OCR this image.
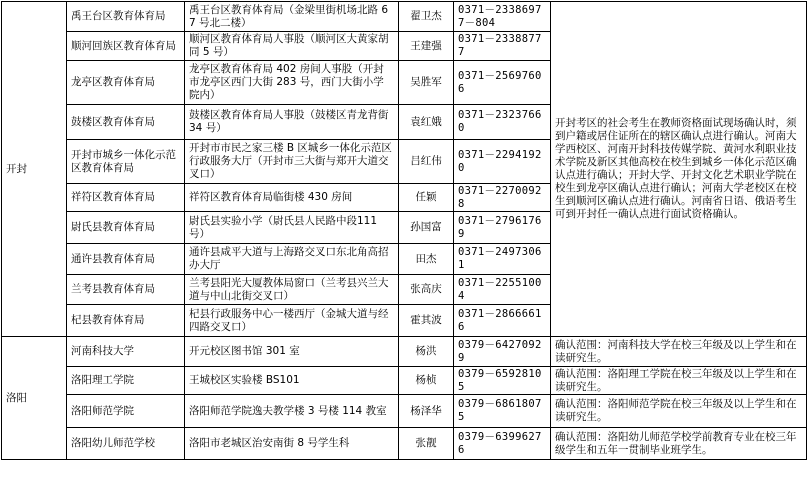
开封	禹王台区教育体育局	禹王台区教育体育局（金梁里街机场北路 67 号北二楼）	翟卫杰	0371－23386977－804	开封考区的社会考生在教师资格面试现场确认时，须到户籍或居住证所在的辖区确认点进行确认。河南大学西校区、河南开封科技传媒学院、黄河水利职业技术学院及新区其他高校在校生到城乡一体化示范区确认点进行确认；开封大学、开封文化艺术职业学院在校生到龙亭区确认点进行确认；河南大学老校区在校生到顺河区确认点进行确认。河南省日语、俄语考生可到开封任一确认点进行面试资格确认。
	顺河回族区教育体育局	顺河区教育体育局人事股（顺河区大黄家胡同 5 号）	王建强	0371－23388777	
	龙亭区教育体育局	龙亭区教育体育局 402 房间人事股（开封市龙亭区西门大街 283 号，西门大街小学院内）	吴胜军	0371－25697606	
	鼓楼区教育体育局	鼓楼区教育体育局人事股（鼓楼区青龙背街 34 号）	袁红娥	0371－23237660	
	开封市城乡一体化示范区教育体育局	开封市市民之家三楼 B 区城乡一体化示范区行政服务大厅（开封市三大街与郑开大道交叉口）	吕红伟	0371－22941920	
	祥符区教育体育局	祥符区教育体育局临街楼 430 房间	任颖	0371－22700928	
	尉氏县教育体育局	尉氏县实验小学（尉氏县人民路中段111 号）	孙国富	0371－27961769	
	通许县教育体育局	通许县咸平大道与上海路交叉口东北角高招办大厅	田杰	0371－24973061	
	兰考县教育体育局	兰考县阳光大厦教体局窗口（兰考县兴兰大道与中山北街交叉口）	张高庆	0371－22551004	
	杞县教育体育局	杞县行政服务中心一楼西厅（金城大道与经四路交叉口）	霍其波	0371－28666616	
洛阳	河南科技大学	开元校区图书馆 301 室	杨洪	0379－64270929	确认范围：河南科技大学在校三年级及以上学生和在读研究生。
	洛阳理工学院	王城校区实验楼 BS101	杨桢	0379－65928105	确认范围：洛阳理工学院在校三年级及以上学生和在读研究生。
	洛阳师范学院	洛阳师范学院逸夫教学楼 3 号楼 114 教室	杨泽华	0379－68618075	确认范围：洛阳师范学院在校三年级及以上学生和在读研究生。
	洛阳幼儿师范学校	洛阳市老城区治安南街 8 号学生科	张靓	0379－63996276	确认范围：洛阳幼儿师范学校学前教育专业在校三年级学生和五年一贯制毕业班学生。
